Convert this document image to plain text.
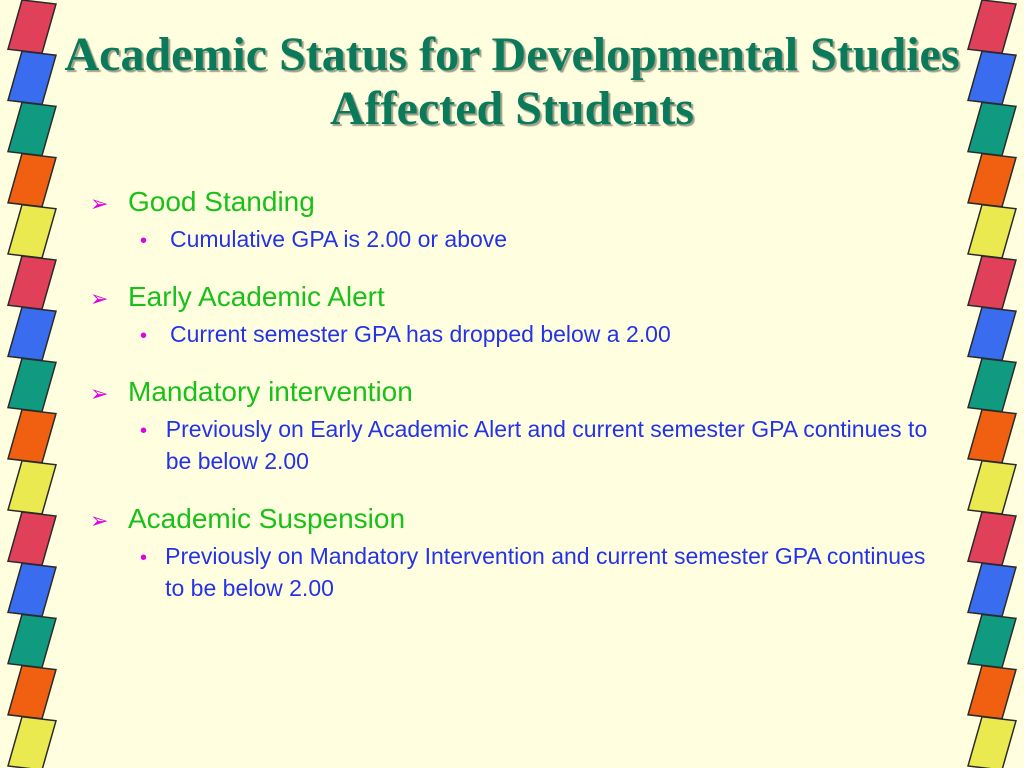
Academic Status for Developmental Studies Affected Students
➢ Good Standing
• Cumulative GPA is 2.00 or above
➢ Early Academic Alert
• Current semester GPA has dropped below a 2.00
➢ Mandatory intervention
• Previously on Early Academic Alert and current semester GPA continues to be below 2.00
➢ Academic Suspension
• Previously on Mandatory Intervention and current semester GPA continues to be below 2.00
